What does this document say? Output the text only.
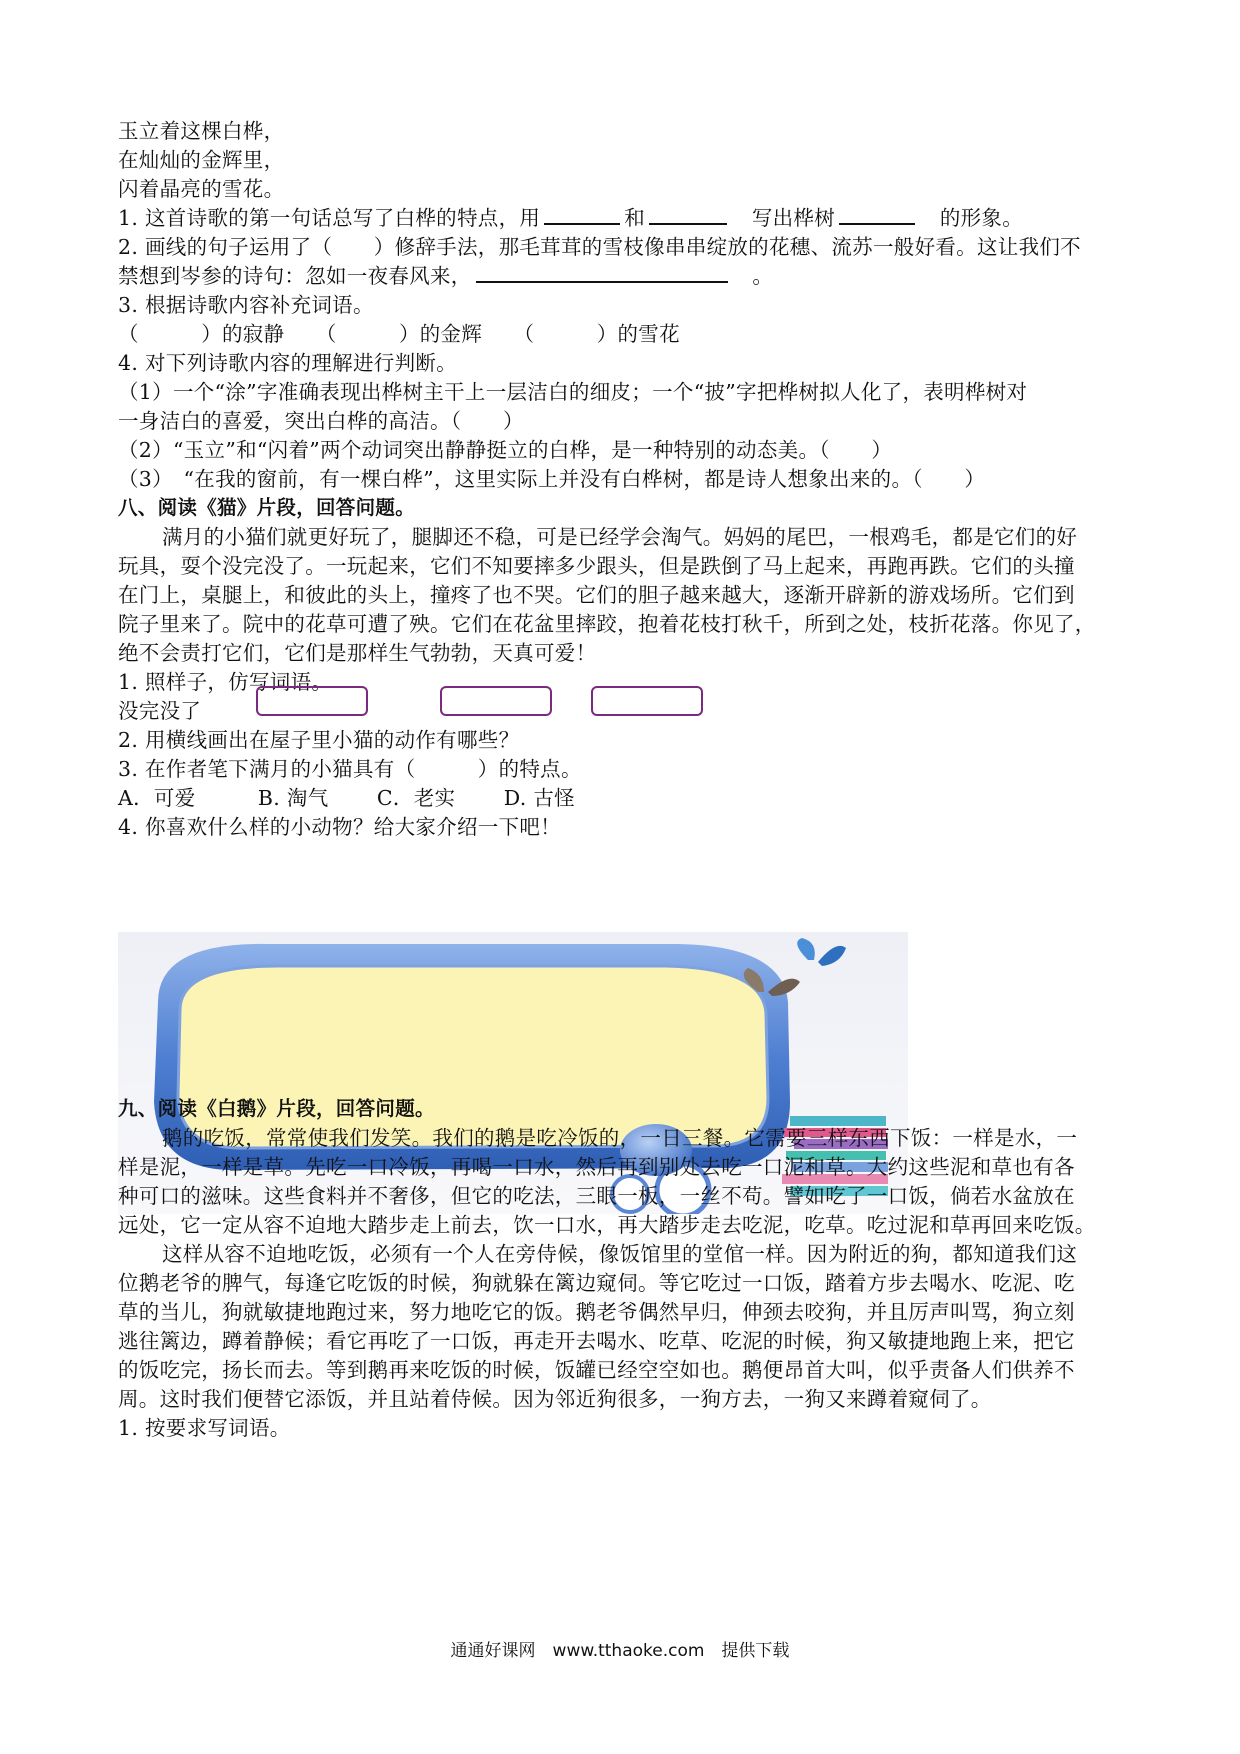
玉立着这棵白桦，
在灿灿的金辉里，
闪着晶亮的雪花。
1. 这首诗歌的第一句话总写了白桦的特点，用	和　	写出桦树　	的形象。
2. 画线的句子运用了（　　）修辞手法，那毛茸茸的雪枝像串串绽放的花穗、流苏一般好看。这让我们不
禁想到岑参的诗句：忽如一夜春风来，　	。
3. 根据诗歌内容补充词语。
（　　　）的寂静　　（　　　）的金辉　　（　　　）的雪花
4. 对下列诗歌内容的理解进行判断。
（1）一个“涂”字准确表现出桦树主干上一层洁白的细皮；一个“披”字把桦树拟人化了，表明桦树对
一身洁白的喜爱，突出白桦的高洁。（　　）
（2）“玉立”和“闪着”两个动词突出静静挺立的白桦，是一种特别的动态美。（　　）
（3）　“在我的窗前，有一棵白桦”，这里实际上并没有白桦树，都是诗人想象出来的。（　　）
八、阅读《猫》片段，回答问题。
满月的小猫们就更好玩了，腿脚还不稳，可是已经学会淘气。妈妈的尾巴，一根鸡毛，都是它们的好
玩具，耍个没完没了。一玩起来，它们不知要摔多少跟头，但是跌倒了马上起来，再跑再跌。它们的头撞
在门上，桌腿上，和彼此的头上，撞疼了也不哭。它们的胆子越来越大，逐渐开辟新的游戏场所。它们到
院子里来了。院中的花草可遭了殃。它们在花盆里摔跤，抱着花枝打秋千，所到之处，枝折花落。你见了，
绝不会责打它们，它们是那样生气勃勃，天真可爱！
1. 照样子，仿写词语。
没完没了
2. 用横线画出在屋子里小猫的动作有哪些？
3. 在作者笔下满月的小猫具有（　　　）的特点。
A．可爱　　　B. 淘气　　 C．老实　　 D. 古怪
4. 你喜欢什么样的小动物？给大家介绍一下吧！
九、阅读《白鹅》片段，回答问题。
鹅的吃饭，常常使我们发笑。我们的鹅是吃冷饭的，一日三餐。它需要三样东西下饭：一样是水，一
样是泥，一样是草。先吃一口冷饭，再喝一口水，然后再到别处去吃一口泥和草。大约这些泥和草也有各
种可口的滋味。这些食料并不奢侈，但它的吃法，三眼一板，一丝不苟。譬如吃了一口饭，倘若水盆放在
远处，它一定从容不迫地大踏步走上前去，饮一口水，再大踏步走去吃泥，吃草。吃过泥和草再回来吃饭。
这样从容不迫地吃饭，必须有一个人在旁侍候，像饭馆里的堂倌一样。因为附近的狗，都知道我们这
位鹅老爷的脾气，每逢它吃饭的时候，狗就躲在篱边窥伺。等它吃过一口饭，踏着方步去喝水、吃泥、吃
草的当儿，狗就敏捷地跑过来，努力地吃它的饭。鹅老爷偶然早归，伸颈去咬狗，并且厉声叫骂，狗立刻
逃往篱边，蹲着静候；看它再吃了一口饭，再走开去喝水、吃草、吃泥的时候，狗又敏捷地跑上来，把它
的饭吃完，扬长而去。等到鹅再来吃饭的时候，饭罐已经空空如也。鹅便昂首大叫，似乎责备人们供养不
周。这时我们便替它添饭，并且站着侍候。因为邻近狗很多，一狗方去，一狗又来蹲着窥伺了。
1. 按要求写词语。
通通好课网　www.tthaoke.com　提供下载
